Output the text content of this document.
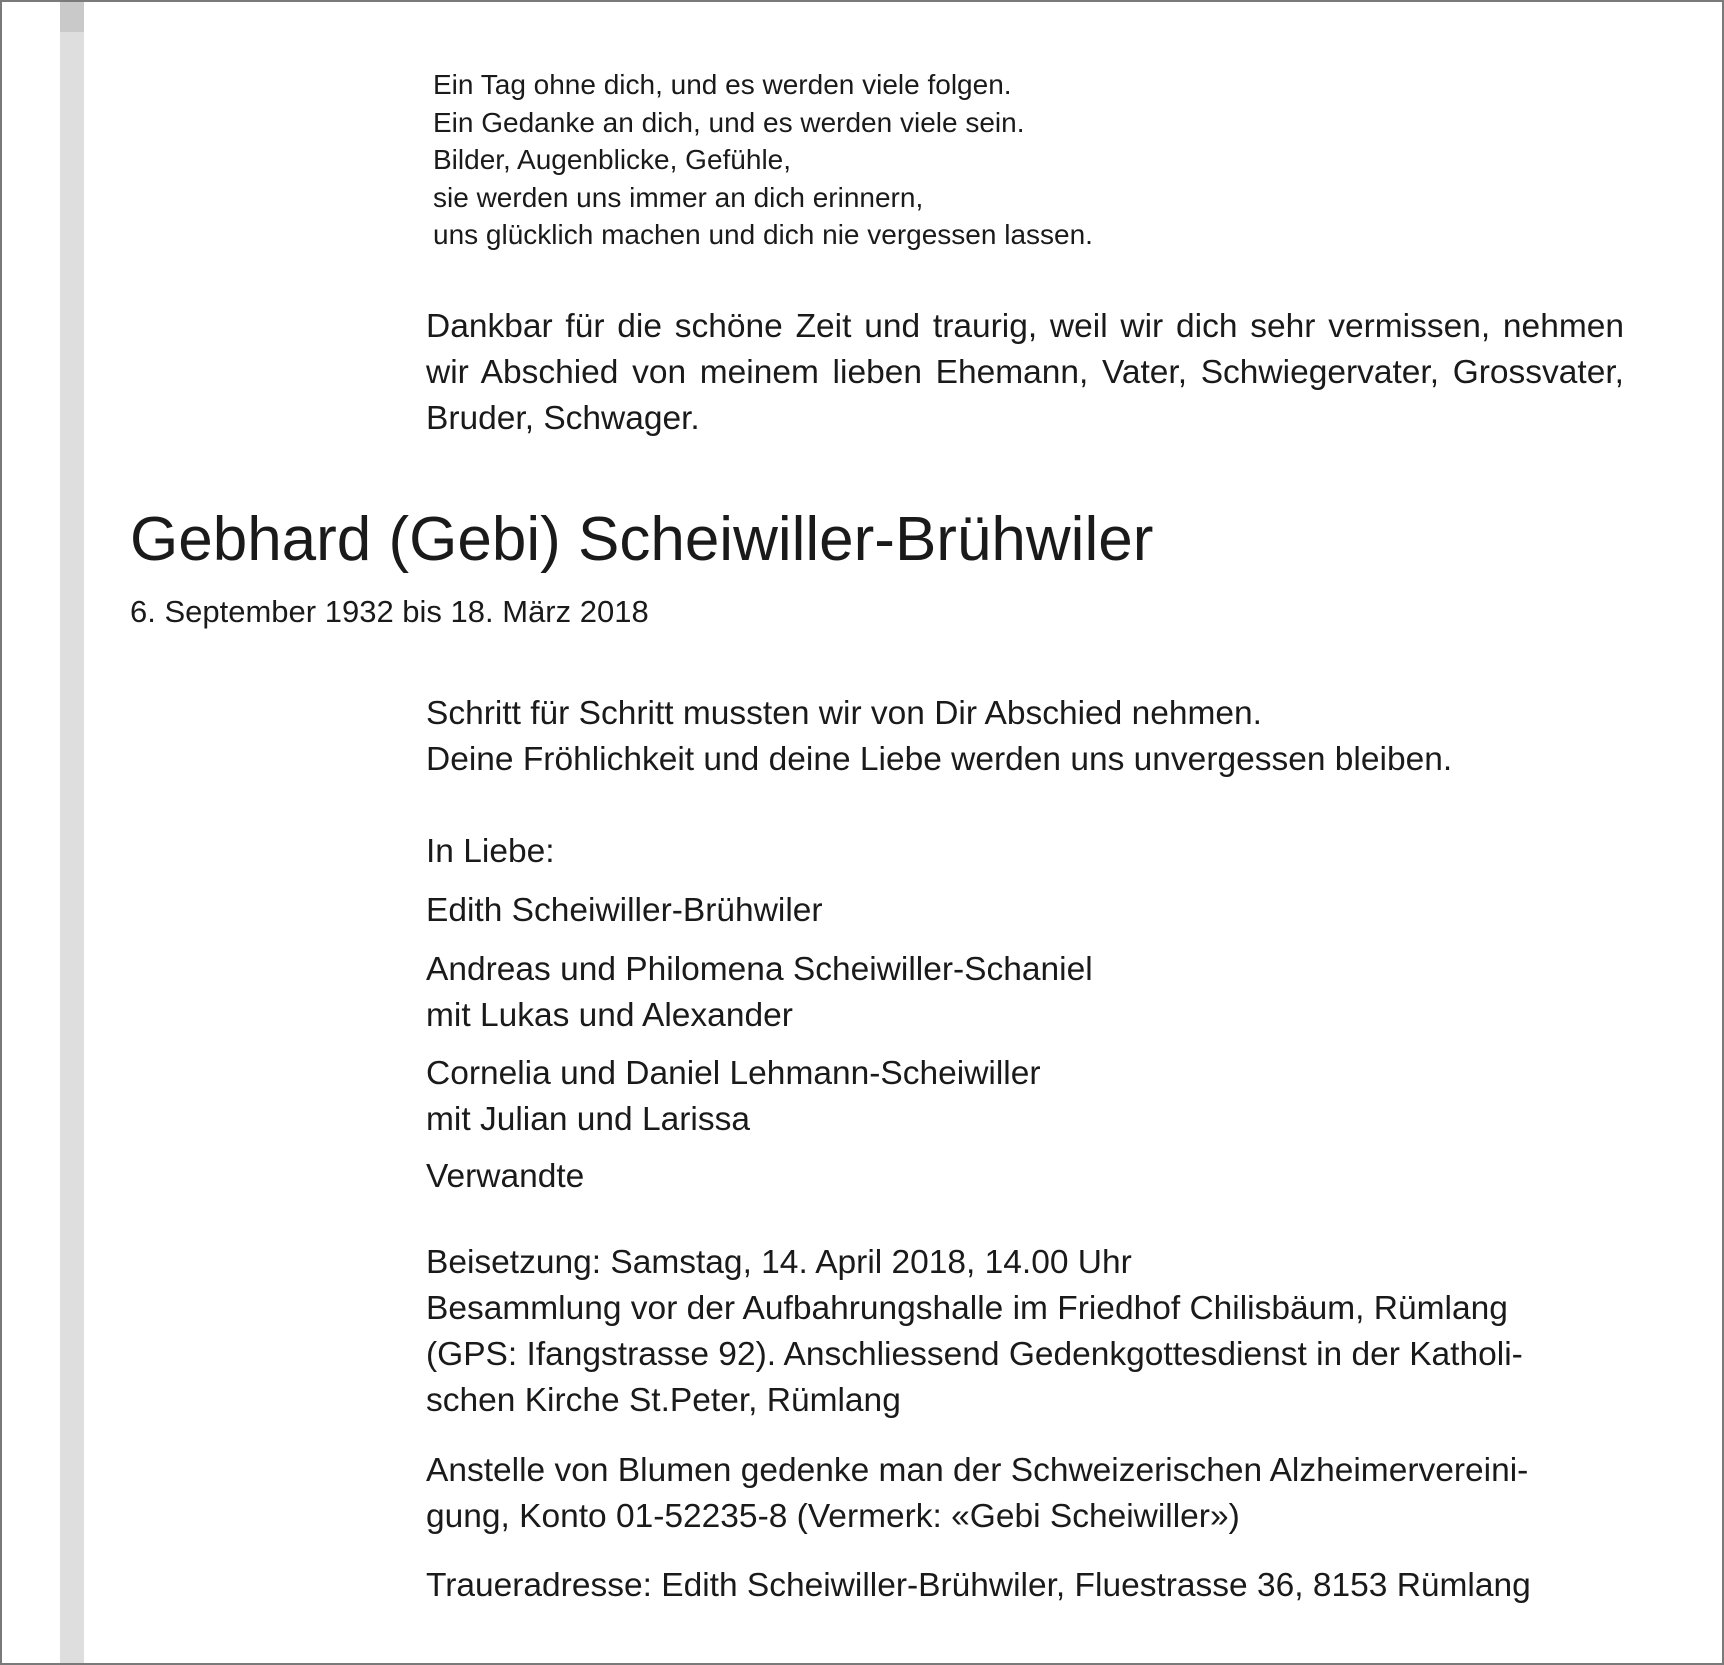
Ein Tag ohne dich, und es werden viele folgen.
Ein Gedanke an dich, und es werden viele sein.
Bilder, Augenblicke, Gefühle,
sie werden uns immer an dich erinnern,
uns glücklich machen und dich nie vergessen lassen.
Dankbar für die schöne Zeit und traurig, weil wir dich sehr vermissen, nehmen wir Abschied von meinem lieben Ehemann, Vater, Schwiegervater, Grossvater, Bruder, Schwager.
Gebhard (Gebi) Scheiwiller-Brühwiler
6. September 1932 bis 18. März 2018
Schritt für Schritt mussten wir von Dir Abschied nehmen.
Deine Fröhlichkeit und deine Liebe werden uns unvergessen bleiben.
In Liebe:
Edith Scheiwiller-Brühwiler
Andreas und Philomena Scheiwiller-Schaniel
mit Lukas und Alexander
Cornelia und Daniel Lehmann-Scheiwiller
mit Julian und Larissa
Verwandte
Beisetzung: Samstag, 14. April 2018, 14.00 Uhr
Besammlung vor der Aufbahrungshalle im Friedhof Chilisbäum, Rümlang
(GPS: Ifangstrasse 92). Anschliessend Gedenkgottesdienst in der Katholi-
schen Kirche St.Peter, Rümlang
Anstelle von Blumen gedenke man der Schweizerischen Alzheimervereini-
gung, Konto 01-52235-8 (Vermerk: «Gebi Scheiwiller»)
Traueradresse: Edith Scheiwiller-Brühwiler, Fluestrasse 36, 8153 Rümlang
